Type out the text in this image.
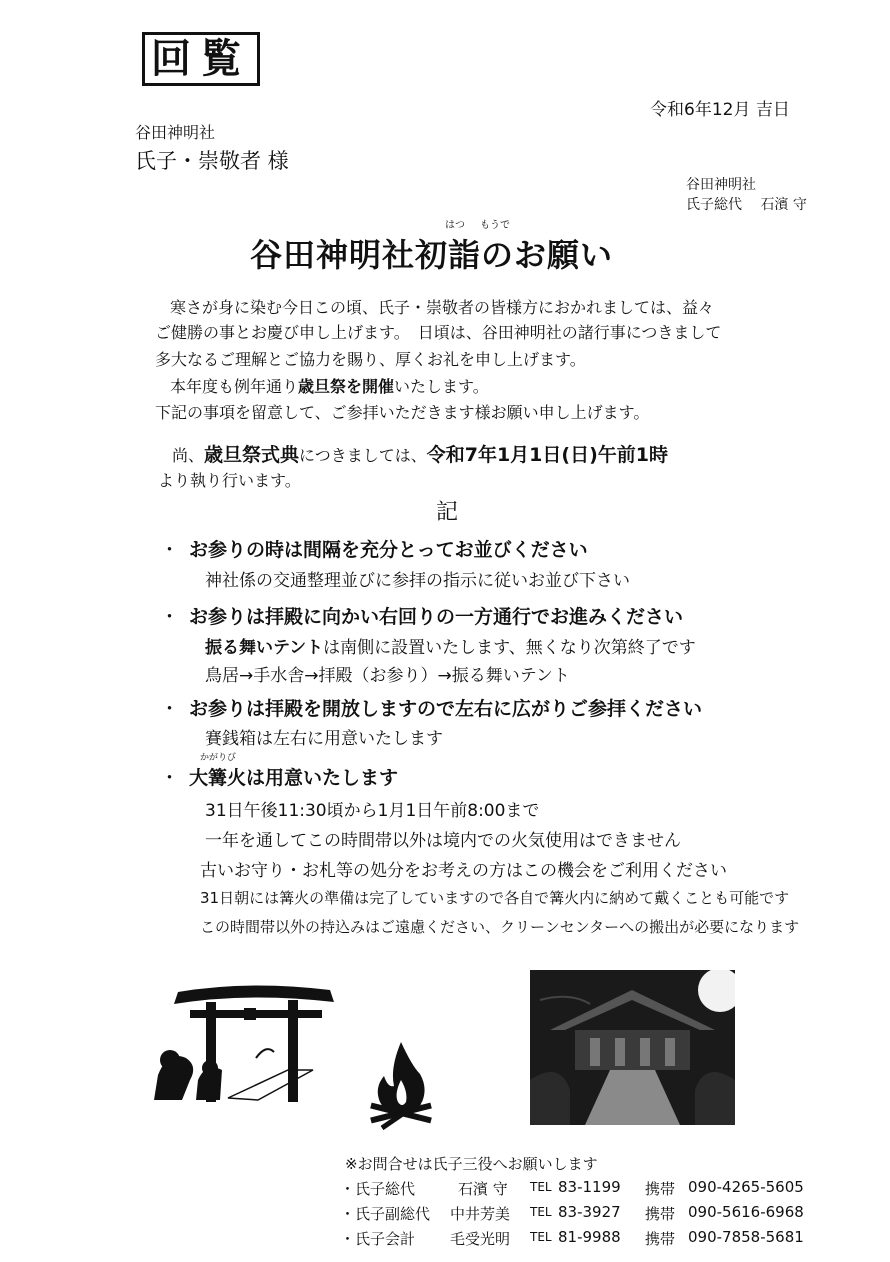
回覧
令和6年12月 吉日
谷田神明社
氏子・崇敬者 様
谷田神明社
氏子総代　 石濱 守
はつ もうで
谷田神明社初詣のお願い
寒さが身に染む今日この頃、氏子・崇敬者の皆様方におかれましては、益々
ご健勝の事とお慶び申し上げます。　日頃は、谷田神明社の諸行事につきまして
多大なるご理解とご協力を賜り、厚くお礼を申し上げます。
本年度も例年通り歳旦祭を開催いたします。
下記の事項を留意して、ご参拝いただきます様お願い申し上げます。
尚、歳旦祭式典につきましては、令和7年1月1日(日)午前1時
より執り行います。
記
・ お参りの時は間隔を充分とってお並びください
神社係の交通整理並びに参拝の指示に従いお並び下さい
・ お参りは拝殿に向かい右回りの一方通行でお進みください
振る舞いテントは南側に設置いたします、無くなり次第終了です
鳥居→手水舎→拝殿（お参り）→振る舞いテント
・ お参りは拝殿を開放しますので左右に広がりご参拝ください
賽銭箱は左右に用意いたします
かがりび
・ 大篝火は用意いたします
31日午後11:30頃から1月1日午前8:00まで
一年を通してこの時間帯以外は境内での火気使用はできません
古いお守り・お札等の処分をお考えの方はこの機会をご利用ください
31日朝には篝火の準備は完了していますので各自で篝火内に納めて戴くことも可能です
この時間帯以外の持込みはご遠慮ください、クリーンセンターへの搬出が必要になります
※お問合せは氏子三役へお願いします
・氏子総代	石濱 守 TEL 83-1199 携帯 090-4265-5605
・氏子副総代 中井芳美 TEL 83-3927 携帯 090-5616-6968
・氏子会計 毛受光明 TEL 81-9988 携帯 090-7858-5681
